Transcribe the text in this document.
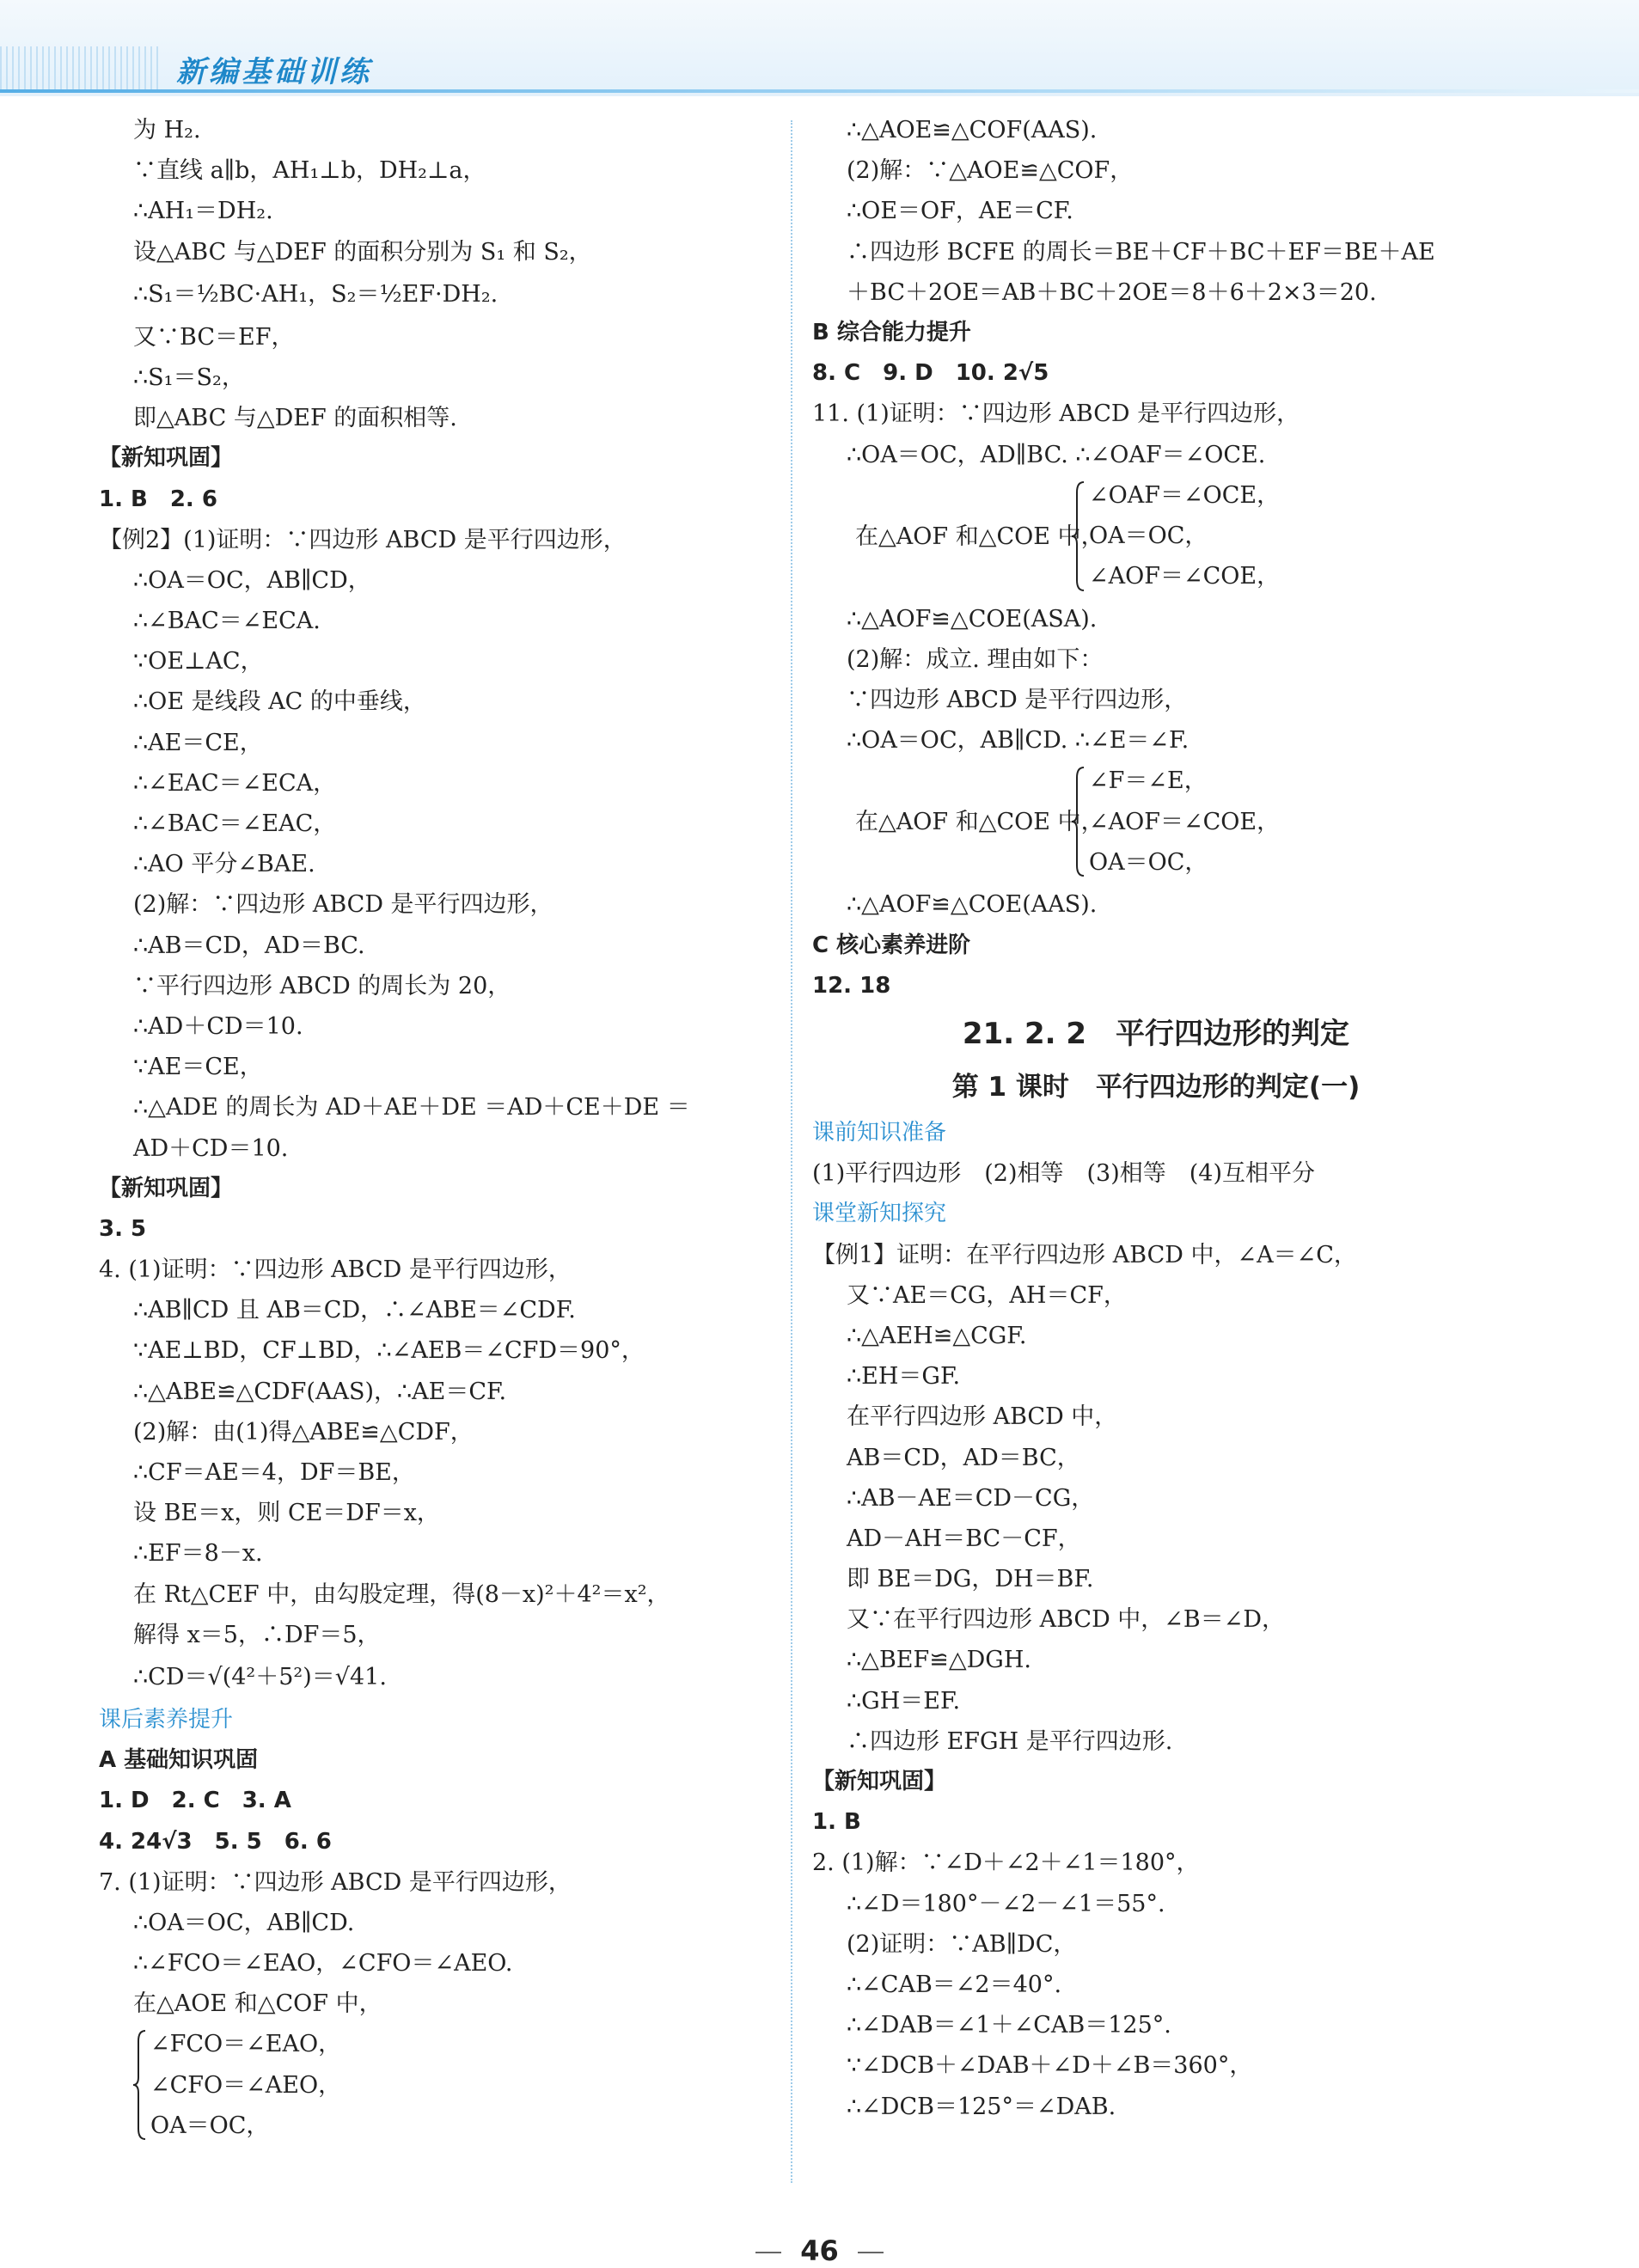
新编基础训练
为 H₂.
∵直线 a∥b，AH₁⊥b，DH₂⊥a，
∴AH₁＝DH₂.
设△ABC 与△DEF 的面积分别为 S₁ 和 S₂，
∴S₁＝½BC·AH₁，S₂＝½EF·DH₂.
又∵BC＝EF，
∴S₁＝S₂，
即△ABC 与△DEF 的面积相等.
【新知巩固】
1. B　2. 6
【例2】(1)证明：∵四边形 ABCD 是平行四边形，
∴OA＝OC，AB∥CD，
∴∠BAC＝∠ECA.
∵OE⊥AC，
∴OE 是线段 AC 的中垂线，
∴AE＝CE，
∴∠EAC＝∠ECA，
∴∠BAC＝∠EAC，
∴AO 平分∠BAE.
(2)解：∵四边形 ABCD 是平行四边形，
∴AB＝CD，AD＝BC.
∵平行四边形 ABCD 的周长为 20，
∴AD＋CD＝10.
∵AE＝CE，
∴△ADE 的周长为 AD＋AE＋DE ＝AD＋CE＋DE ＝
AD＋CD＝10.
【新知巩固】
3. 5
4. (1)证明：∵四边形 ABCD 是平行四边形，
∴AB∥CD 且 AB＝CD，∴∠ABE＝∠CDF.
∵AE⊥BD，CF⊥BD，∴∠AEB＝∠CFD＝90°，
∴△ABE≌△CDF(AAS)，∴AE＝CF.
(2)解：由(1)得△ABE≌△CDF，
∴CF＝AE＝4，DF＝BE，
设 BE＝x，则 CE＝DF＝x，
∴EF＝8－x.
在 Rt△CEF 中，由勾股定理，得(8－x)²＋4²＝x²，
解得 x＝5，∴DF＝5，
∴CD＝√(4²＋5²)＝√41.
课后素养提升
A 基础知识巩固
1. D　2. C　3. A
4. 24√3　5. 5　6. 6
7. (1)证明：∵四边形 ABCD 是平行四边形，
∴OA＝OC，AB∥CD.
∴∠FCO＝∠EAO，∠CFO＝∠AEO.
在△AOE 和△COF 中，
∠FCO＝∠EAO，
∠CFO＝∠AEO，
OA＝OC，
∴△AOE≌△COF(AAS).
(2)解：∵△AOE≌△COF，
∴OE＝OF，AE＝CF.
∴四边形 BCFE 的周长＝BE＋CF＋BC＋EF＝BE＋AE
＋BC＋2OE＝AB＋BC＋2OE＝8＋6＋2×3＝20.
B 综合能力提升
8. C　9. D　10. 2√5
11. (1)证明：∵四边形 ABCD 是平行四边形，
∴OA＝OC，AD∥BC. ∴∠OAF＝∠OCE.
在△AOF 和△COE 中，
∠OAF＝∠OCE，
OA＝OC，
∠AOF＝∠COE，
∴△AOF≌△COE(ASA).
(2)解：成立. 理由如下：
∵四边形 ABCD 是平行四边形，
∴OA＝OC，AB∥CD. ∴∠E＝∠F.
在△AOF 和△COE 中，
∠F＝∠E，
∠AOF＝∠COE，
OA＝OC，
∴△AOF≌△COE(AAS).
C 核心素养进阶
12. 18
21. 2. 2　平行四边形的判定
第 1 课时　平行四边形的判定(一)
课前知识准备
(1)平行四边形　(2)相等　(3)相等　(4)互相平分
课堂新知探究
【例1】证明：在平行四边形 ABCD 中，∠A＝∠C，
又∵AE＝CG，AH＝CF，
∴△AEH≌△CGF.
∴EH＝GF.
在平行四边形 ABCD 中，
AB＝CD，AD＝BC，
∴AB－AE＝CD－CG，
AD－AH＝BC－CF，
即 BE＝DG，DH＝BF.
又∵在平行四边形 ABCD 中，∠B＝∠D，
∴△BEF≌△DGH.
∴GH＝EF.
∴四边形 EFGH 是平行四边形.
【新知巩固】
1. B
2. (1)解：∵∠D＋∠2＋∠1＝180°，
∴∠D＝180°－∠2－∠1＝55°.
(2)证明：∵AB∥DC，
∴∠CAB＝∠2＝40°.
∴∠DAB＝∠1＋∠CAB＝125°.
∵∠DCB＋∠DAB＋∠D＋∠B＝360°，
∴∠DCB＝125°＝∠DAB.
46
